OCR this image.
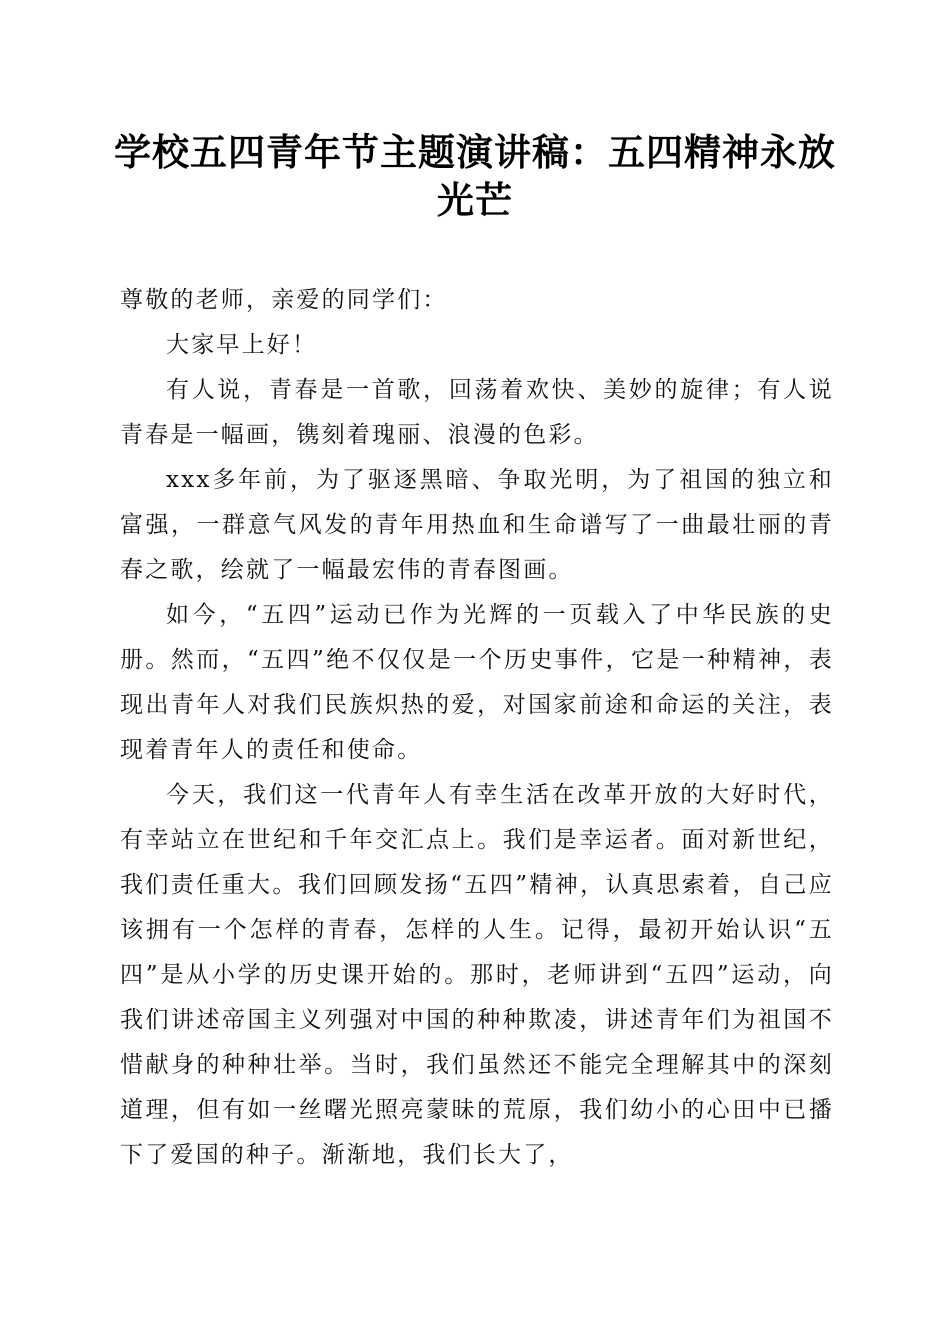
学校五四青年节主题演讲稿：五四精神永放光芒

尊敬的老师，亲爱的同学们：

大家早上好！

有人说，青春是一首歌，回荡着欢快、美妙的旋律；有人说青春是一幅画，镌刻着瑰丽、浪漫的色彩。

xxx多年前，为了驱逐黑暗、争取光明，为了祖国的独立和富强，一群意气风发的青年用热血和生命谱写了一曲最壮丽的青春之歌，绘就了一幅最宏伟的青春图画。

如今，“五四”运动已作为光辉的一页载入了中华民族的史册。然而，“五四”绝不仅仅是一个历史事件，它是一种精神，表现出青年人对我们民族炽热的爱，对国家前途和命运的关注，表现着青年人的责任和使命。

今天，我们这一代青年人有幸生活在改革开放的大好时代，有幸站立在世纪和千年交汇点上。我们是幸运者。面对新世纪，我们责任重大。我们回顾发扬“五四”精神，认真思索着，自己应该拥有一个怎样的青春，怎样的人生。记得，最初开始认识“五四”是从小学的历史课开始的。那时，老师讲到“五四”运动，向我们讲述帝国主义列强对中国的种种欺凌，讲述青年们为祖国不惜献身的种种壮举。当时，我们虽然还不能完全理解其中的深刻道理，但有如一丝曙光照亮蒙昧的荒原，我们幼小的心田中已播下了爱国的种子。渐渐地，我们长大了，
